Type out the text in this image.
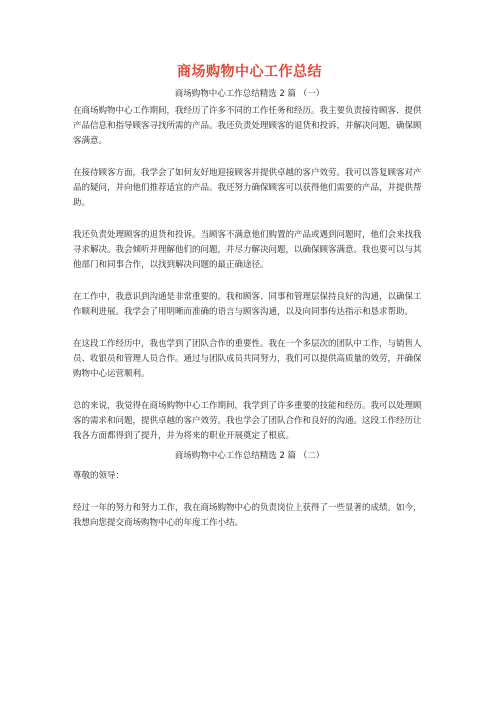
商场购物中心工作总结
商场购物中心工作总结精选 2 篇 （一）

在商场购物中心工作期间，我经历了许多不同的工作任务和经历。我主要负责接待顾客、提供产品信息和指导顾客寻找所需的产品。我还负责处理顾客的退货和投诉，并解决问题，确保顾客满意。

在接待顾客方面，我学会了如何友好地迎接顾客并提供卓越的客户效劳。我可以答复顾客对产品的疑问，并向他们推荐适宜的产品。我还努力确保顾客可以获得他们需要的产品，并提供帮助。

我还负责处理顾客的退货和投诉。当顾客不满意他们购置的产品或遇到问题时，他们会来找我寻求解决。我会倾听并理解他们的问题，并尽力解决问题，以确保顾客满意。我也要可以与其他部门和同事合作，以找到解决问题的最正确途径。

在工作中，我意识到沟通是非常重要的。我和顾客、同事和管理层保持良好的沟通，以确保工作顺利进展。我学会了用明晰而准确的语言与顾客沟通，以及向同事传达指示和恳求帮助。

在这段工作经历中，我也学到了团队合作的重要性。我在一个多层次的团队中工作，与销售人员、收银员和管理人员合作。通过与团队成员共同努力，我们可以提供高质量的效劳，并确保购物中心运营顺利。

总的来说，我觉得在商场购物中心工作期间，我学到了许多重要的技能和经历。我可以处理顾客的需求和问题，提供卓越的客户效劳。我也学会了团队合作和良好的沟通。这段工作经历让我各方面都得到了提升，并为将来的职业开展奠定了根底。

商场购物中心工作总结精选 2 篇 （二）

尊敬的领导：

经过一年的努力和努力工作，我在商场购物中心的负责岗位上获得了一些显著的成绩。如今，我想向您提交商场购物中心的年度工作小结。
